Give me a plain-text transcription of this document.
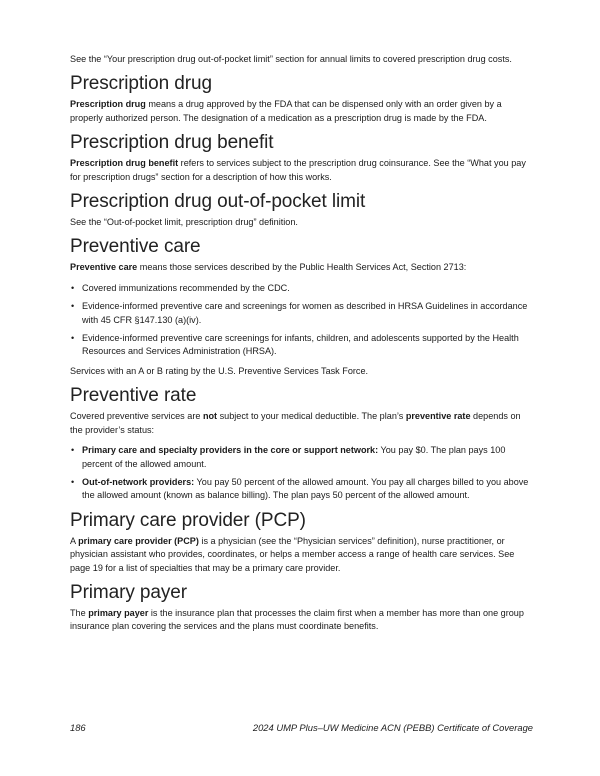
See the “Your prescription drug out-of-pocket limit” section for annual limits to covered prescription drug costs.

Prescription drug

Prescription drug means a drug approved by the FDA that can be dispensed only with an order given by a properly authorized person. The designation of a medication as a prescription drug is made by the FDA.

Prescription drug benefit

Prescription drug benefit refers to services subject to the prescription drug coinsurance. See the “What you pay for prescription drugs” section for a description of how this works.

Prescription drug out-of-pocket limit

See the “Out-of-pocket limit, prescription drug” definition.

Preventive care

Preventive care means those services described by the Public Health Services Act, Section 2713:

• Covered immunizations recommended by the CDC.
• Evidence-informed preventive care and screenings for women as described in HRSA Guidelines in accordance with 45 CFR §147.130 (a)(iv).
• Evidence-informed preventive care screenings for infants, children, and adolescents supported by the Health Resources and Services Administration (HRSA).

Services with an A or B rating by the U.S. Preventive Services Task Force.

Preventive rate

Covered preventive services are not subject to your medical deductible. The plan’s preventive rate depends on the provider’s status:

• Primary care and specialty providers in the core or support network: You pay $0. The plan pays 100 percent of the allowed amount.
• Out-of-network providers: You pay 50 percent of the allowed amount. You pay all charges billed to you above the allowed amount (known as balance billing). The plan pays 50 percent of the allowed amount.
Primary care provider (PCP)

A primary care provider (PCP) is a physician (see the “Physician services” definition), nurse practitioner, or physician assistant who provides, coordinates, or helps a member access a range of health care services. See page 19 for a list of specialties that may be a primary care provider.

Primary payer

The primary payer is the insurance plan that processes the claim first when a member has more than one group insurance plan covering the services and the plans must coordinate benefits.

186	2024 UMP Plus–UW Medicine ACN (PEBB) Certificate of Coverage
